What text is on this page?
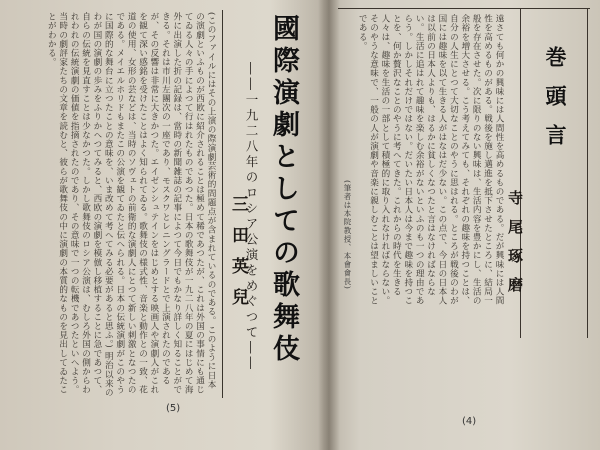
(このファイルにはその上演の際演劇芸術的問題点が含まれているのである。このように日本の演劇といふものが西欧に紹介されることは極めて稀であつたが、これは外国の事情にも通じてゐる人々の手によつて行はれたものであつた。日本の歌舞伎が一九二八年の夏にはじめて海外に出演した折の記録は、當時の新聞雑誌の記事によつて今日でもかなり詳しく知ることができる。それは市川左團次の一座であり、モスクワとレニングラードとで上演されたのであるが、その反響は非常に大きかつた。エイゼンシュテインをはじめとする映画人や演劇人がこれを観て深い感銘を受けたことはよく知られてゐる。歌舞伎の様式性、音楽と動作との一致、花道の使用、女形の芸などは、当時のソヴェトの前衛的な演劇人にとつて新しい刺激となつたのである。メイエルホリドもまたこの公演を観てゐたと伝へられる。日本の伝統演劇がこのやうに国際的な舞台に立つたことの意味を、いま改めて考へてみる必要があると思ふ。) 明治以来のわが国の演劇の歩みをふりかへつてみると、西欧の演劇を模倣し移植することに急であつて、自らの伝統を見直すことは少なかつた。しかし歌舞伎のロシア公演は、むしろ外国の側からわれわれの伝統演劇の価値を指摘されたのであり、その意味で一つの転機であつたといへよう。当時の劇評家たちの文章を読むと、彼らが歌舞伎の中に演劇の本質的なものを見出してゐたことがわかる。	國際演劇としての歌舞伎
――一九二八年のロシア公演をめぐつて――
三田英兒
(5)
遠さても何かの興味には人間性を高めるものである。だが興味には人間性を高めるものがある。戦後を施し邁進を抵下させたところに、結局一般を存在させた。次に限りのない興味は、生活内容を豊かにし、生活の余裕を増大させる。こう考えてみても、それぞれの趣味を持つことは、自分の人生にとつて大切なことのやうに思はれる。ところが戦後のわが国には趣味を以て生きる人がはなはだ少ない。この点で、今日の日本人は以前の日本人よりも、はるかに貧しくなつたと言はなければならない。生活に追はれて趣味を楽しむ余裕がないといふのも一つの理由であらう。しかしそれだけではない。だいたい日本人は今まで趣味を持つことを、何か贅沢なことのやうに考へてきた。これからの時代を生きる人々は、趣味を生活の一部として積極的に取り入れなければならない。そのやうな意味で、一般の人が演劇や音楽に親しむことは望ましいことである。
(筆者は本院教授、本會會長)
巻頭言
寺尾琢磨
(4)
